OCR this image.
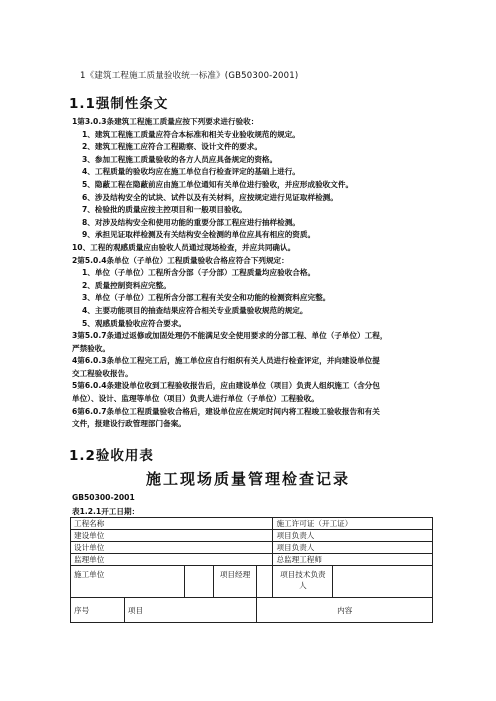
1《建筑工程施工质量验收统一标准》(GB50300-2001)
1.1强制性条文
1第3.0.3条建筑工程施工质量应按下列要求进行验收：
1、建筑工程施工质量应符合本标准和相关专业验收规范的规定。
2、建筑工程施工应符合工程勘察、设计文件的要求。
3、参加工程施工质量验收的各方人员应具备规定的资格。
4、工程质量的验收均应在施工单位自行检查评定的基础上进行。
5、隐蔽工程在隐蔽前应由施工单位通知有关单位进行验收，并应形成验收文件。
6、涉及结构安全的试块、试件以及有关材料，应按规定进行见证取样检测。
7、检验批的质量应按主控项目和一般项目验收。
8、对涉及结构安全和使用功能的重要分部工程应进行抽样检测。
9、承担见证取样检测及有关结构安全检测的单位应具有相应的资质。
10、工程的观感质量应由验收人员通过现场检查，并应共同确认。
2第5.0.4条单位（子单位）工程质量验收合格应符合下列规定：
1、单位（子单位）工程所含分部（子分部）工程质量均应验收合格。
2、质量控制资料应完整。
3、单位（子单位）工程所含分部工程有关安全和功能的检测资料应完整。
4、主要功能项目的抽查结果应符合相关专业质量验收规范的规定。
5、观感质量验收应符合要求。
3第5.0.7条通过返修或加固处理仍不能满足安全使用要求的分部工程、单位（子单位）工程，
严禁验收。
4第6.0.3条单位工程完工后，施工单位应自行组织有关人员进行检查评定，并向建设单位提
交工程验收报告。
5第6.0.4条建设单位收到工程验收报告后，应由建设单位（项目）负责人组织施工（含分包
单位）、设计、监理等单位（项目）负责人进行单位（子单位）工程验收。
6第6.0.7条单位工程质量验收合格后，建设单位应在规定时间内将工程竣工验收报告和有关
文件，报建设行政管理部门备案。
1.2验收用表
施工现场质量管理检查记录
GB50300-2001
表1.2.1开工日期：
工程名称					施工许可证（开工证）	
建设单位					项目负责人	
设计单位					项目负责人	
监理单位					总监理工程师	
施工单位			项目经理		项目技术负责人	
序号	项目			内容		
